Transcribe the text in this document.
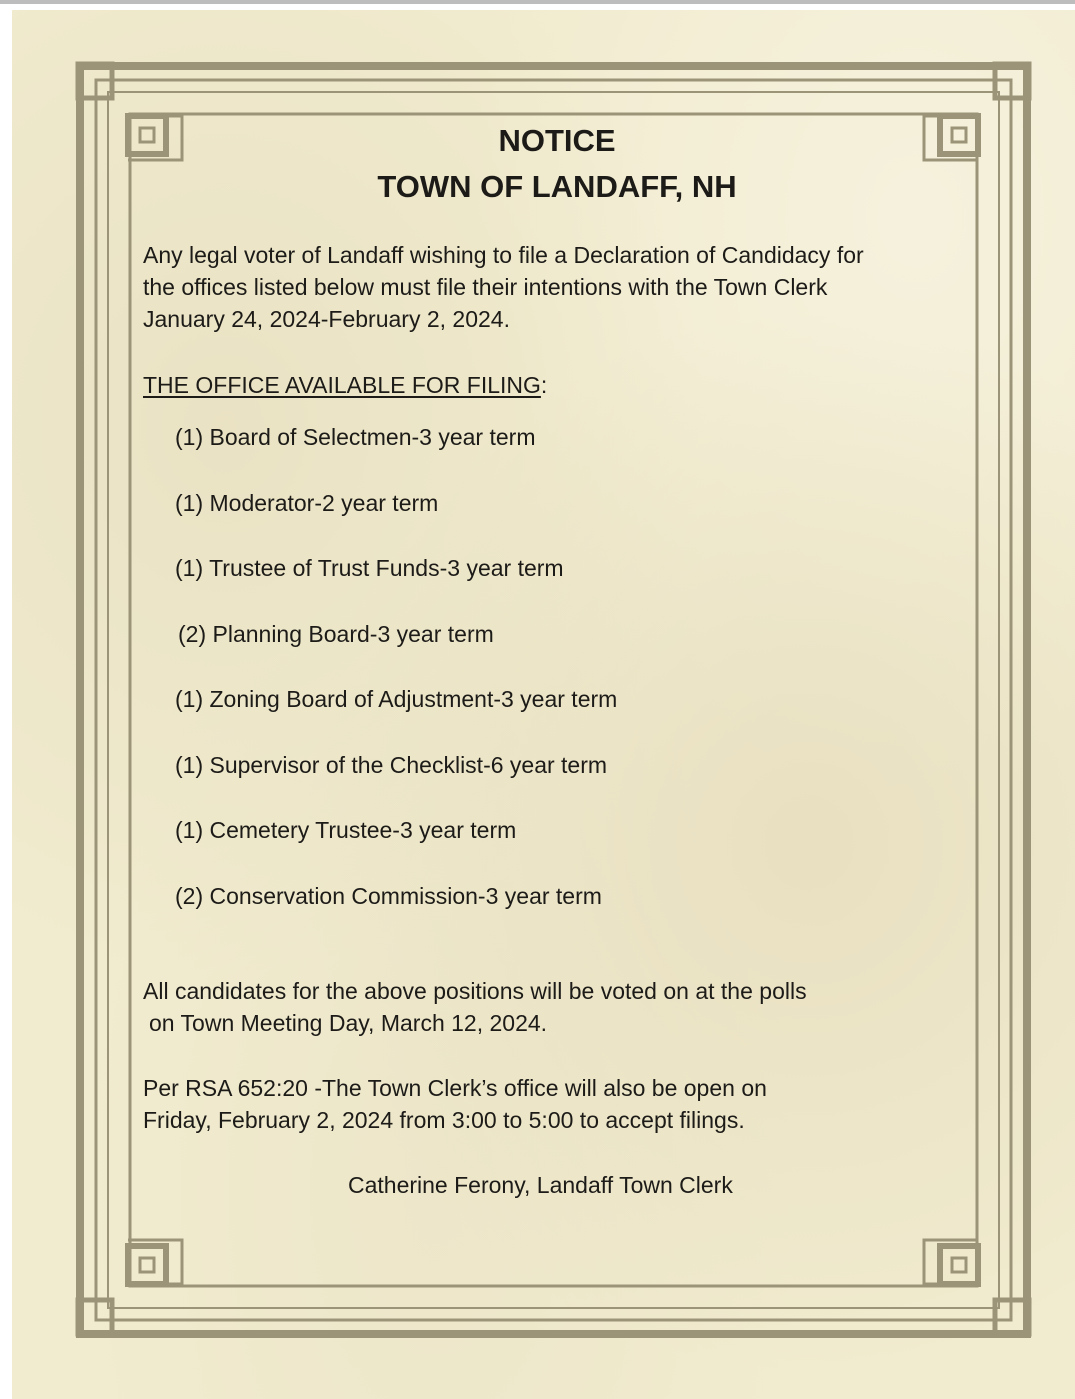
NOTICE
TOWN OF LANDAFF, NH
Any legal voter of Landaff wishing to file a Declaration of Candidacy for
the offices listed below must file their intentions with the Town Clerk
January 24, 2024-February 2, 2024.
THE OFFICE AVAILABLE FOR FILING:
(1) Board of Selectmen-3 year term
(1) Moderator-2 year term
(1) Trustee of Trust Funds-3 year term
(2) Planning Board-3 year term
(1) Zoning Board of Adjustment-3 year term
(1) Supervisor of the Checklist-6 year term
(1) Cemetery Trustee-3 year term
(2) Conservation Commission-3 year term
All candidates for the above positions will be voted on at the polls
on Town Meeting Day, March 12, 2024.
Per RSA 652:20 -The Town Clerk’s office will also be open on
Friday, February 2, 2024 from 3:00 to 5:00 to accept filings.
Catherine Ferony, Landaff Town Clerk
